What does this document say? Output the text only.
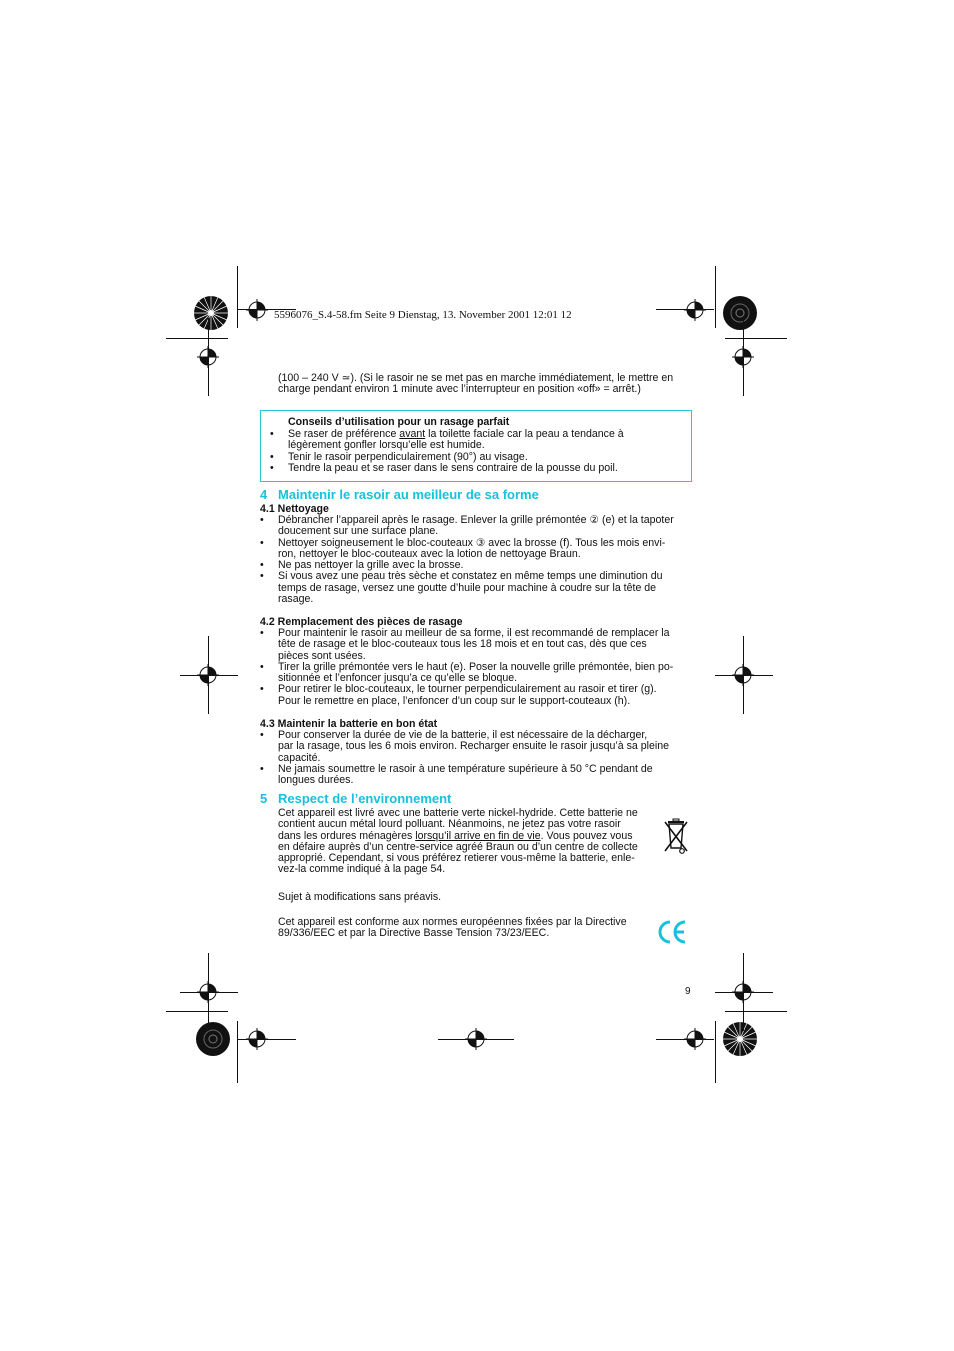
5596076_S.4-58.fm Seite 9 Dienstag, 13. November 2001 12:01 12
(100 – 240 V ≃). (Si le rasoir ne se met pas en marche immédiatement, le mettre en
charge pendant environ 1 minute avec l’interrupteur en position «off» = arrêt.)
Conseils d’utilisation pour un rasage parfait
• Se raser de préférence avant la toilette faciale car la peau a tendance à
légèrement gonfler lorsqu’elle est humide.
• Tenir le rasoir perpendiculairement (90°) au visage.
• Tendre la peau et se raser dans le sens contraire de la pousse du poil.
4 Maintenir le rasoir au meilleur de sa forme
4.1 Nettoyage
• Débrancher l’appareil après le rasage. Enlever la grille prémontée ② (e) et la tapoter
doucement sur une surface plane.
• Nettoyer soigneusement le bloc-couteaux ③ avec la brosse (f). Tous les mois envi-
ron, nettoyer le bloc-couteaux avec la lotion de nettoyage Braun.
• Ne pas nettoyer la grille avec la brosse.
• Si vous avez une peau très sèche et constatez en même temps une diminution du
temps de rasage, versez une goutte d’huile pour machine à coudre sur la tête de
rasage.
4.2 Remplacement des pièces de rasage
• Pour maintenir le rasoir au meilleur de sa forme, il est recommandé de remplacer la
tête de rasage et le bloc-couteaux tous les 18 mois et en tout cas, dès que ces
pièces sont usées.
• Tirer la grille prémontée vers le haut (e). Poser la nouvelle grille prémontée, bien po-
sitionnée et l’enfoncer jusqu’a ce qu’elle se bloque.
• Pour retirer le bloc-couteaux, le tourner perpendiculairement au rasoir et tirer (g).
Pour le remettre en place, l’enfoncer d’un coup sur le support-couteaux (h).
4.3 Maintenir la batterie en bon état
• Pour conserver la durée de vie de la batterie, il est nécessaire de la décharger,
par la rasage, tous les 6 mois environ. Recharger ensuite le rasoir jusqu’à sa pleine
capacité.
• Ne jamais soumettre le rasoir à une température supérieure à 50 °C pendant de
longues durées.
5 Respect de l’environnement
Cet appareil est livré avec une batterie verte nickel-hydride. Cette batterie ne
contient aucun métal lourd polluant. Néanmoins, ne jetez pas votre rasoir
dans les ordures ménagères lorsqu’il arrive en fin de vie. Vous pouvez vous
en défaire auprès d’un centre-service agréé Braun ou d’un centre de collecte
approprié. Cependant, si vous préférez retierer vous-même la batterie, enle-
vez-la comme indiqué à la page 54.
Sujet à modifications sans préavis.
Cet appareil est conforme aux normes européennes fixées par la Directive
89/336/EEC et par la Directive Basse Tension 73/23/EEC.
9
